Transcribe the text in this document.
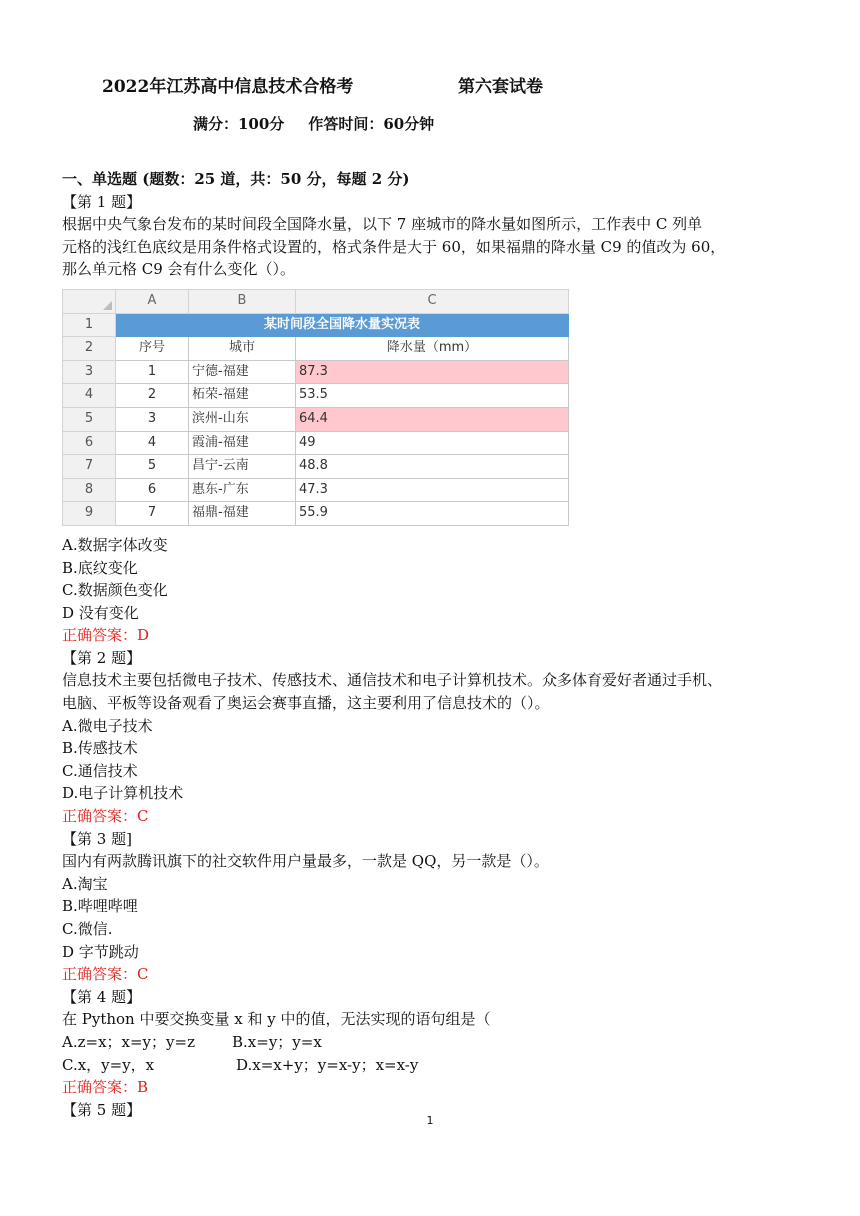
2022年江苏高中信息技术合格考	第六套试卷
满分：100分 作答时间：60分钟
一、单选题 (题数：25 道，共：50 分，每题 2 分)
【第 1 题】
根据中央气象台发布的某时间段全国降水量，以下 7 座城市的降水量如图所示，工作表中 C 列单
元格的浅红色底纹是用条件格式设置的，格式条件是大于 60，如果福鼎的降水量 C9 的值改为 60，
那么单元格 C9 会有什么变化（）。
	A	B	C
1	某时间段全国降水量实况表		
2	序号	城市	降水量（mm）
3	1	宁德-福建	87.3
4	2	柘荣-福建	53.5
5	3	滨州-山东	64.4
6	4	霞浦-福建	49
7	5	昌宁-云南	48.8
8	6	惠东-广东	47.3
9	7	福鼎-福建	55.9
A.数据字体改变
B.底纹变化
C.数据颜色变化
D 没有变化
正确答案：D
【第 2 题】
信息技术主要包括微电子技术、传感技术、通信技术和电子计算机技术。众多体育爱好者通过手机、
电脑、平板等设备观看了奥运会赛事直播，这主要利用了信息技术的（）。
A.微电子技术
B.传感技术
C.通信技术
D.电子计算机技术
正确答案：C
【第 3 题]
国内有两款腾讯旗下的社交软件用户量最多，一款是 QQ，另一款是（）。
A.淘宝
B.哔哩哔哩
C.微信.
D 字节跳动
正确答案：C
【第 4 题】
在 Python 中要交换变量 x 和 y 中的值，无法实现的语句组是（
A.z=x；x=y；y=z B.x=y；y=x
C.x，y=y，x	D.x=x+y；y=x-y；x=x-y
正确答案：B
【第 5 题】
1
